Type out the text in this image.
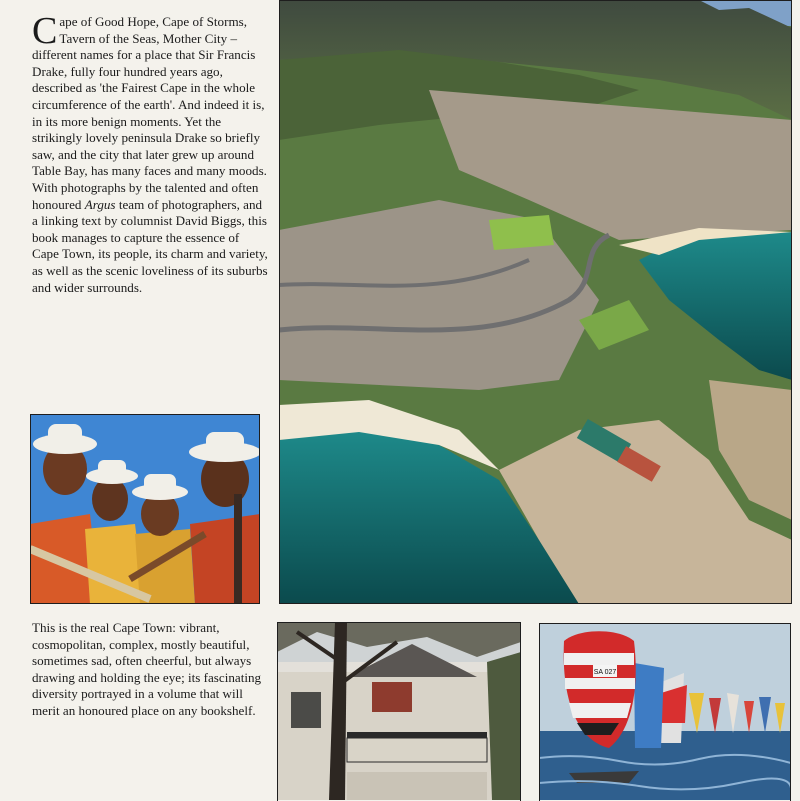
C ape of Good Hope, Cape of Storms, Tavern of the Seas, Mother City – different names for a place that Sir Francis Drake, fully four hundred years ago, described as 'the Fairest Cape in the whole circumference of the earth'. And indeed it is, in its more benign moments. Yet the strikingly lovely peninsula Drake so briefly saw, and the city that later grew up around Table Bay, has many faces and many moods.

With photographs by the talented and often honoured Argus team of photographers, and a linking text by columnist David Biggs, this book manages to capture the essence of Cape Town, its people, its charm and variety, as well as the scenic loveliness of its suburbs and wider surrounds.

This is the real Cape Town: vibrant, cosmopolitan, complex, mostly beautiful, sometimes sad, often cheerful, but always drawing and holding the eye; its fascinating diversity portrayed in a volume that will merit an honoured place on any bookshelf.

SA 027
